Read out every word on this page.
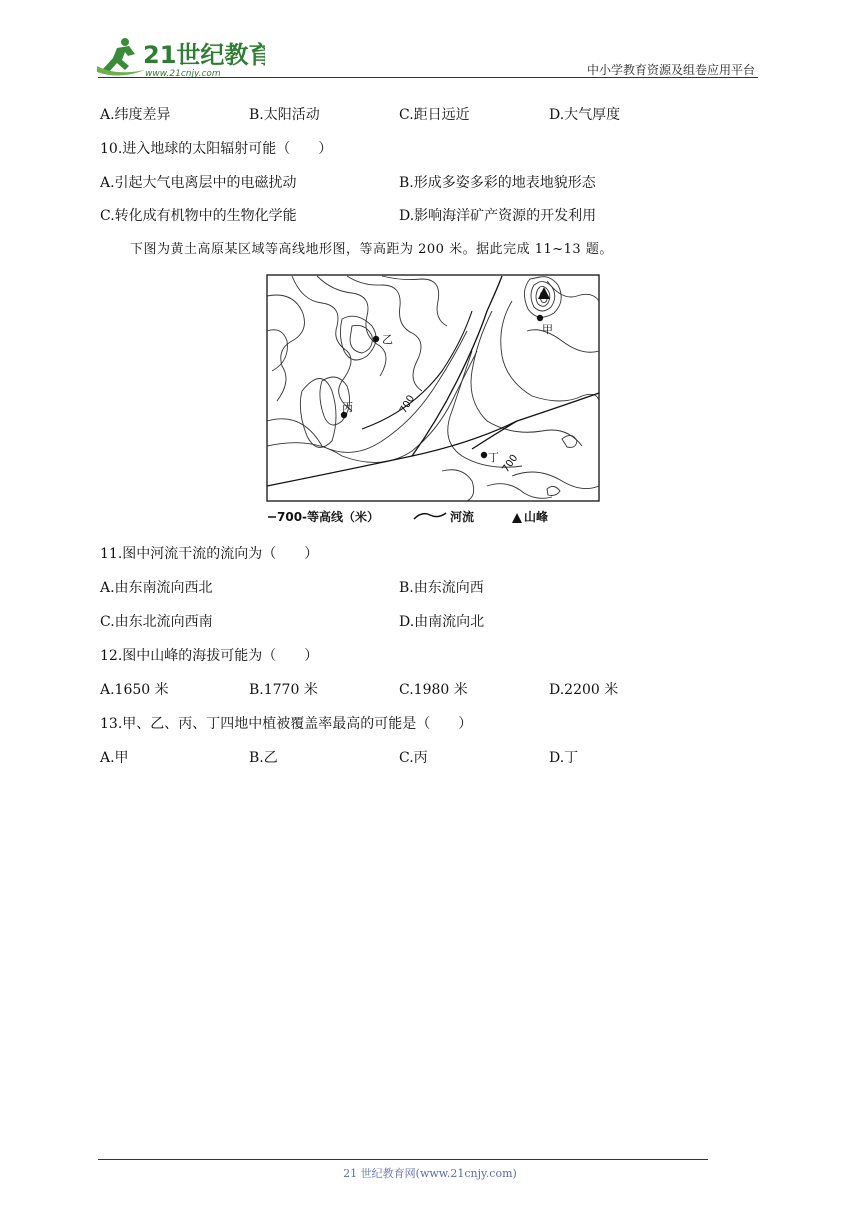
21世纪教育
www.21cnjy.com	中小学教育资源及组卷应用平台
A.纬度差异	B.太阳活动	C.距日远近	D.大气厚度
10.进入地球的太阳辐射可能（　　）
A.引起大气电离层中的电磁扰动	B.形成多姿多彩的地表地貌形态
C.转化成有机物中的生物化学能	D.影响海洋矿产资源的开发利用
下图为黄土高原某区域等高线地形图，等高距为 200 米。据此完成 11~13 题。
700
700
甲
乙
丙
丁
700-等高线（米）	河流	山峰
11.图中河流干流的流向为（　　）
A.由东南流向西北	B.由东流向西
C.由东北流向西南	D.由南流向北
12.图中山峰的海拔可能为（　　）
A.1650 米	B.1770 米	C.1980 米	D.2200 米
13.甲、乙、丙、丁四地中植被覆盖率最高的可能是（　　）
A.甲	B.乙	C.丙	D.丁
21 世纪教育网(www.21cnjy.com)
